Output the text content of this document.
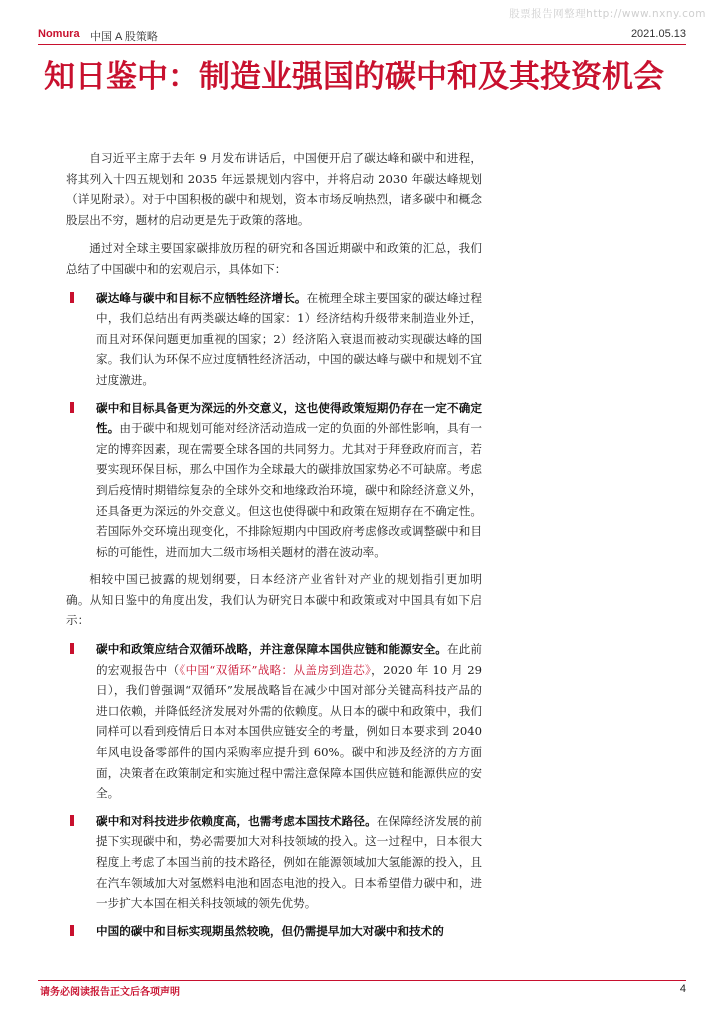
股票报告网整理http://www.nxny.com
Nomura 中国 A 股策略	2021.05.13
知日鉴中：制造业强国的碳中和及其投资机会

自习近平主席于去年 9 月发布讲话后，中国便开启了碳达峰和碳中和进程，将其列入十四五规划和 2035 年远景规划内容中，并将启动 2030 年碳达峰规划（详见附录）。对于中国积极的碳中和规划，资本市场反响热烈，诸多碳中和概念股层出不穷，题材的启动更是先于政策的落地。

通过对全球主要国家碳排放历程的研究和各国近期碳中和政策的汇总，我们总结了中国碳中和的宏观启示，具体如下：

碳达峰与碳中和目标不应牺牲经济增长。在梳理全球主要国家的碳达峰过程中，我们总结出有两类碳达峰的国家：1）经济结构升级带来制造业外迁，而且对环保问题更加重视的国家；2）经济陷入衰退而被动实现碳达峰的国家。我们认为环保不应过度牺牲经济活动，中国的碳达峰与碳中和规划不宜过度激进。
碳中和目标具备更为深远的外交意义，这也使得政策短期仍存在一定不确定性。由于碳中和规划可能对经济活动造成一定的负面的外部性影响，具有一定的博弈因素，现在需要全球各国的共同努力。尤其对于拜登政府而言，若要实现环保目标，那么中国作为全球最大的碳排放国家势必不可缺席。考虑到后疫情时期错综复杂的全球外交和地缘政治环境，碳中和除经济意义外，还具备更为深远的外交意义。但这也使得碳中和政策在短期存在不确定性。若国际外交环境出现变化，不排除短期内中国政府考虑修改或调整碳中和目标的可能性，进而加大二级市场相关题材的潜在波动率。

相较中国已披露的规划纲要，日本经济产业省针对产业的规划指引更加明确。从知日鉴中的角度出发，我们认为研究日本碳中和政策或对中国具有如下启示：

碳中和政策应结合双循环战略，并注意保障本国供应链和能源安全。在此前的宏观报告中（《中国“双循环”战略：从盖房到造芯》，2020 年 10 月 29 日），我们曾强调“双循环”发展战略旨在减少中国对部分关键高科技产品的进口依赖，并降低经济发展对外需的依赖度。从日本的碳中和政策中，我们同样可以看到疫情后日本对本国供应链安全的考量，例如日本要求到 2040 年风电设备零部件的国内采购率应提升到 60%。碳中和涉及经济的方方面面，决策者在政策制定和实施过程中需注意保障本国供应链和能源供应的安全。
碳中和对科技进步依赖度高，也需考虑本国技术路径。在保障经济发展的前提下实现碳中和，势必需要加大对科技领域的投入。这一过程中，日本很大程度上考虑了本国当前的技术路径，例如在能源领域加大氢能源的投入，且在汽车领域加大对氢燃料电池和固态电池的投入。日本希望借力碳中和，进一步扩大本国在相关科技领域的领先优势。
中国的碳中和目标实现期虽然较晚，但仍需提早加大对碳中和技术的
请务必阅读报告正文后各项声明	4
